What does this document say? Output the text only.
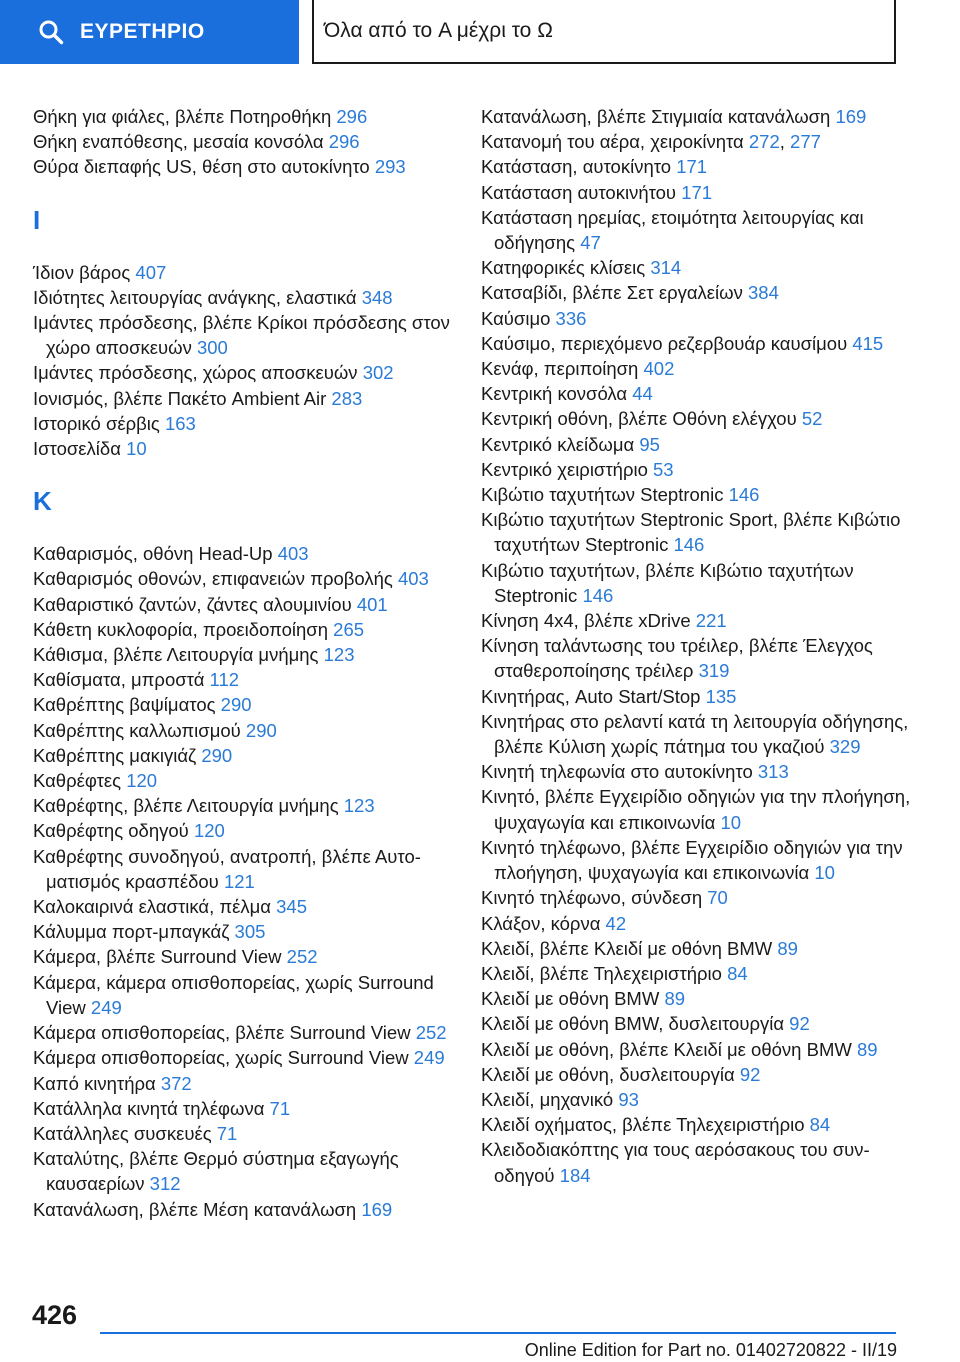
ΕΥΡΕΤΗΡΙΟ	Όλα από το A μέχρι το Ω
Θήκη για φιάλες, βλέπε Ποτηροθήκη 296
Θήκη εναπόθεσης, μεσαία κονσόλα 296
Θύρα διεπαφής US, θέση στο αυτοκίνητο 293
Ι
Ίδιον βάρος 407
Ιδιότητες λειτουργίας ανάγκης, ελαστικά 348
Ιμάντες πρόσδεσης, βλέπε Κρίκοι πρόσδεσης στον χώρο αποσκευών 300
Ιμάντες πρόσδεσης, χώρος αποσκευών 302
Ιονισμός, βλέπε Πακέτο Ambient Air 283
Ιστορικό σέρβις 163
Ιστοσελίδα 10
Κ
Καθαρισμός, οθόνη Head-Up 403
Καθαρισμός οθονών, επιφανειών προβολής 403
Καθαριστικό ζαντών, ζάντες αλουμινίου 401
Κάθετη κυκλοφορία, προειδοποίηση 265
Κάθισμα, βλέπε Λειτουργία μνήμης 123
Καθίσματα, μπροστά 112
Καθρέπτης βαψίματος 290
Καθρέπτης καλλωπισμού 290
Καθρέπτης μακιγιάζ 290
Καθρέφτες 120
Καθρέφτης, βλέπε Λειτουργία μνήμης 123
Καθρέφτης οδηγού 120
Καθρέφτης συνοδηγού, ανατροπή, βλέπε Αυτοματισμός κρασπέδου 121
Καλοκαιρινά ελαστικά, πέλμα 345
Κάλυμμα πορτ-μπαγκάζ 305
Κάμερα, βλέπε Surround View 252
Κάμερα, κάμερα οπισθοπορείας, χωρίς Surround View 249
Κάμερα οπισθοπορείας, βλέπε Surround View 252
Κάμερα οπισθοπορείας, χωρίς Surround View 249
Καπό κινητήρα 372
Κατάλληλα κινητά τηλέφωνα 71
Κατάλληλες συσκευές 71
Καταλύτης, βλέπε Θερμό σύστημα εξαγωγής καυσαερίων 312
Κατανάλωση, βλέπε Μέση κατανάλωση 169
Κατανάλωση, βλέπε Στιγμιαία κατανάλωση 169
Κατανομή του αέρα, χειροκίνητα 272, 277
Κατάσταση, αυτοκίνητο 171
Κατάσταση αυτοκινήτου 171
Κατάσταση ηρεμίας, ετοιμότητα λειτουργίας και οδήγησης 47
Κατηφορικές κλίσεις 314
Κατσαβίδι, βλέπε Σετ εργαλείων 384
Καύσιμο 336
Καύσιμο, περιεχόμενο ρεζερβουάρ καυσίμου 415
Κενάφ, περιποίηση 402
Κεντρική κονσόλα 44
Κεντρική οθόνη, βλέπε Οθόνη ελέγχου 52
Κεντρικό κλείδωμα 95
Κεντρικό χειριστήριο 53
Κιβώτιο ταχυτήτων Steptronic 146
Κιβώτιο ταχυτήτων Steptronic Sport, βλέπε Κιβώτιο ταχυτήτων Steptronic 146
Κιβώτιο ταχυτήτων, βλέπε Κιβώτιο ταχυτήτων Steptronic 146
Κίνηση 4x4, βλέπε xDrive 221
Κίνηση ταλάντωσης του τρέιλερ, βλέπε Έλεγχος σταθεροποίησης τρέιλερ 319
Κινητήρας, Auto Start/Stop 135
Κινητήρας στο ρελαντί κατά τη λειτουργία οδήγησης, βλέπε Κύλιση χωρίς πάτημα του γκαζιού 329
Κινητή τηλεφωνία στο αυτοκίνητο 313
Κινητό, βλέπε Εγχειρίδιο οδηγιών για την πλοήγηση, ψυχαγωγία και επικοινωνία 10
Κινητό τηλέφωνο, βλέπε Εγχειρίδιο οδηγιών για την πλοήγηση, ψυχαγωγία και επικοινωνία 10
Κινητό τηλέφωνο, σύνδεση 70
Κλάξον, κόρνα 42
Κλειδί, βλέπε Κλειδί με οθόνη BMW 89
Κλειδί, βλέπε Τηλεχειριστήριο 84
Κλειδί με οθόνη BMW 89
Κλειδί με οθόνη BMW, δυσλειτουργία 92
Κλειδί με οθόνη, βλέπε Κλειδί με οθόνη BMW 89
Κλειδί με οθόνη, δυσλειτουργία 92
Κλειδί, μηχανικό 93
Κλειδί οχήματος, βλέπε Τηλεχειριστήριο 84
Κλειδοδιακόπτης για τους αερόσακους του συνοδηγού 184
426
Online Edition for Part no. 01402720822 - II/19
